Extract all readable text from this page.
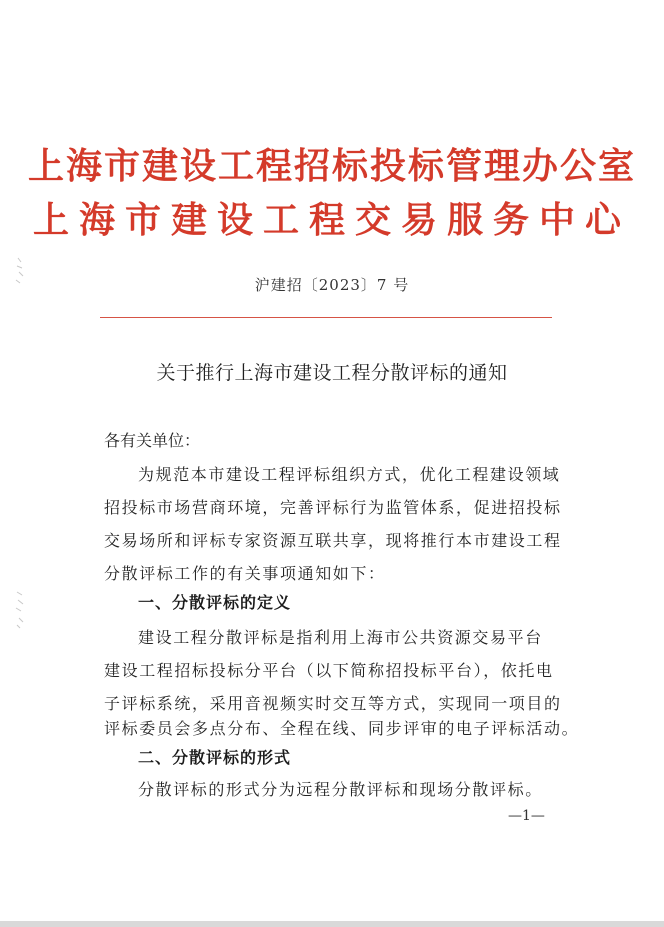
上海市建设工程招标投标管理办公室
上海市建设工程交易服务中心
沪建招〔2023〕7 号
关于推行上海市建设工程分散评标的通知
各有关单位：
为规范本市建设工程评标组织方式，优化工程建设领域
招投标市场营商环境，完善评标行为监管体系，促进招投标
交易场所和评标专家资源互联共享，现将推行本市建设工程
分散评标工作的有关事项通知如下：
一、分散评标的定义
建设工程分散评标是指利用上海市公共资源交易平台
建设工程招标投标分平台（以下简称招投标平台），依托电
子评标系统，采用音视频实时交互等方式，实现同一项目的
评标委员会多点分布、全程在线、同步评审的电子评标活动。
二、分散评标的形式
分散评标的形式分为远程分散评标和现场分散评标。
—1—
